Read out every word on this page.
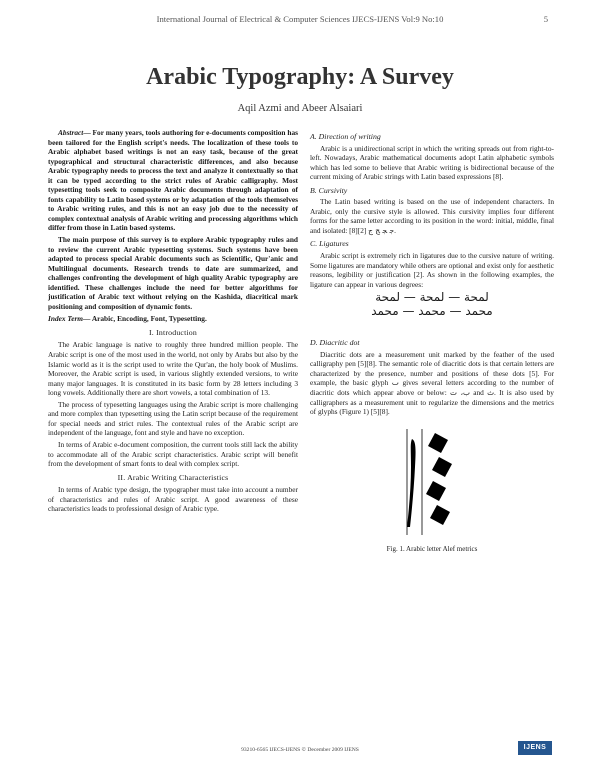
International Journal of Electrical & Computer Sciences IJECS-IJENS Vol:9 No:10	5
Arabic Typography: A Survey
Aqil Azmi and Abeer Alsaiari

Abstract— For many years, tools authoring for e-documents composition has been tailored for the English script's needs. The localization of these tools to Arabic alphabet based writings is not an easy task, because of the great typographical and structural characteristic differences, and also because Arabic typography needs to process the text and analyze it contextually so that it can be typed according to the strict rules of Arabic calligraphy. Most typesetting tools seek to composite Arabic documents through adaptation of fonts capability to Latin based systems or by adaptation of the tools themselves to Arabic writing rules, and this is not an easy job due to the necessity of complex contextual analysis of Arabic writing and processing algorithms which differ from those in Latin based systems.

The main purpose of this survey is to explore Arabic typography rules and to review the current Arabic typesetting systems. Such systems have been adapted to process special Arabic documents such as Scientific, Qur'anic and Multilingual documents. Research trends to date are summarized, and challenges confronting the development of high quality Arabic typography are identified. These challenges include the need for better algorithms for justification of Arabic text without relying on the Kashida, diacritical mark positioning and composition of dynamic fonts.

Index Term— Arabic, Encoding, Font, Typesetting.

I. Introduction

The Arabic language is native to roughly three hundred million people. The Arabic script is one of the most used in the world, not only by Arabs but also by the Islamic world as it is the script used to write the Qur'an, the holy book of Muslims. Moreover, the Arabic script is used, in various slightly extended versions, to write many major languages. It is constituted in its basic form by 28 letters including 3 long vowels. Additionally there are short vowels, a total combination of 13.

The process of typesetting languages using the Arabic script is more challenging and more complex than typesetting using the Latin script because of the requirement for special needs and strict rules. The contextual rules of the Arabic script are independent of the language, font and style and have no exception.

In terms of Arabic e-document composition, the current tools still lack the ability to accommodate all of the Arabic script characteristics. Arabic script will benefit from the development of smart fonts to deal with complex script.

II. Arabic Writing Characteristics

In terms of Arabic type design, the typographer must take into account a number of characteristics and rules of Arabic script. A good awareness of these characteristics leads to professional design of Arabic type.

A. Direction of writing

Arabic is a unidirectional script in which the writing spreads out from right-to-left. Nowadays, Arabic mathematical documents adopt Latin alphabetic symbols which has led some to believe that Arabic writing is bidirectional because of the current mixing of Arabic strings with Latin based expressions [8].

B. Cursivity

The Latin based writing is based on the use of independent characters. In Arabic, only the cursive style is allowed. This cursivity implies four different forms for the same letter according to its position in the word: initial, middle, final and isolated:	ﺟ ﺠ ﺞ ﺝ [2][8].

C. Ligatures

Arabic script is extremely rich in ligatures due to the cursive nature of writing. Some ligatures are mandatory while others are optional and exist only for aesthetic reasons, legibility or justification [2]. As shown in the following examples, the ligature can appear in various degrees:

لمحة — لمحة — لمحة
محمد — محمد — محمد
D. Diacritic dot

Diacritic dots are a measurement unit marked by the feather of the used calligraphy pen [5][8]. The semantic role of diacritic dots is that certain letters are characterized by the presence, number and positions of these dots [5]. For example, the basic glyph ٮ gives several letters according to the number of diacritic dots which appear above or below: ب، ت and ث. It is also used by calligraphers as a measurement unit to regularize the dimensions and the metrics of glyphs (Figure 1) [5][8].

Fig. 1. Arabic letter Alef metrics
93210-6565 IJECS-IJENS © December 2009 IJENS	IJENS
